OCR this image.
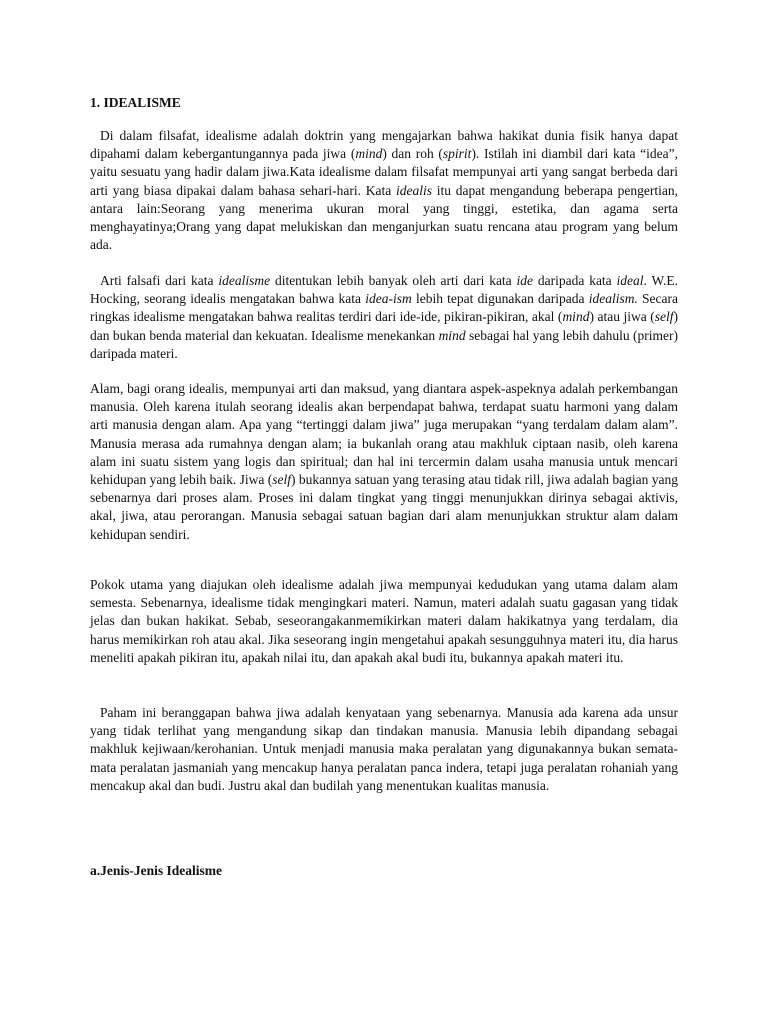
1. IDEALISME

Di dalam filsafat, idealisme adalah doktrin yang mengajarkan bahwa hakikat dunia fisik hanya dapat dipahami dalam kebergantungannya pada jiwa (mind) dan roh (spirit). Istilah ini diambil dari kata “idea”, yaitu sesuatu yang hadir dalam jiwa.Kata idealisme dalam filsafat mempunyai arti yang sangat berbeda dari arti yang biasa dipakai dalam bahasa sehari-hari. Kata idealis itu dapat mengandung beberapa pengertian, antara lain:Seorang yang menerima ukuran moral yang tinggi, estetika, dan agama serta menghayatinya;Orang yang dapat melukiskan dan menganjurkan suatu rencana atau program yang belum ada.

Arti falsafi dari kata idealisme ditentukan lebih banyak oleh arti dari kata ide daripada kata ideal. W.E. Hocking, seorang idealis mengatakan bahwa kata idea-ism lebih tepat digunakan daripada idealism. Secara ringkas idealisme mengatakan bahwa realitas terdiri dari ide-ide, pikiran-pikiran, akal (mind) atau jiwa (self) dan bukan benda material dan kekuatan. Idealisme menekankan mind sebagai hal yang lebih dahulu (primer) daripada materi.

Alam, bagi orang idealis, mempunyai arti dan maksud, yang diantara aspek-aspeknya adalah perkembangan manusia. Oleh karena itulah seorang idealis akan berpendapat bahwa, terdapat suatu harmoni yang dalam arti manusia dengan alam. Apa yang “tertinggi dalam jiwa” juga merupakan “yang terdalam dalam alam”. Manusia merasa ada rumahnya dengan alam; ia bukanlah orang atau makhluk ciptaan nasib, oleh karena alam ini suatu sistem yang logis dan spiritual; dan hal ini tercermin dalam usaha manusia untuk mencari kehidupan yang lebih baik. Jiwa (self) bukannya satuan yang terasing atau tidak rill, jiwa adalah bagian yang sebenarnya dari proses alam. Proses ini dalam tingkat yang tinggi menunjukkan dirinya sebagai aktivis, akal, jiwa, atau perorangan. Manusia sebagai satuan bagian dari alam menunjukkan struktur alam dalam kehidupan sendiri.

Pokok utama yang diajukan oleh idealisme adalah jiwa mempunyai kedudukan yang utama dalam alam semesta. Sebenarnya, idealisme tidak mengingkari materi. Namun, materi adalah suatu gagasan yang tidak jelas dan bukan hakikat. Sebab, seseorangakanmemikirkan materi dalam hakikatnya yang terdalam, dia harus memikirkan roh atau akal. Jika seseorang ingin mengetahui apakah sesungguhnya materi itu, dia harus meneliti apakah pikiran itu, apakah nilai itu, dan apakah akal budi itu, bukannya apakah materi itu.

Paham ini beranggapan bahwa jiwa adalah kenyataan yang sebenarnya. Manusia ada karena ada unsur yang tidak terlihat yang mengandung sikap dan tindakan manusia. Manusia lebih dipandang sebagai makhluk kejiwaan/kerohanian. Untuk menjadi manusia maka peralatan yang digunakannya bukan semata-mata peralatan jasmaniah yang mencakup hanya peralatan panca indera, tetapi juga peralatan rohaniah yang mencakup akal dan budi. Justru akal dan budilah yang menentukan kualitas manusia.

a.Jenis-Jenis Idealisme
